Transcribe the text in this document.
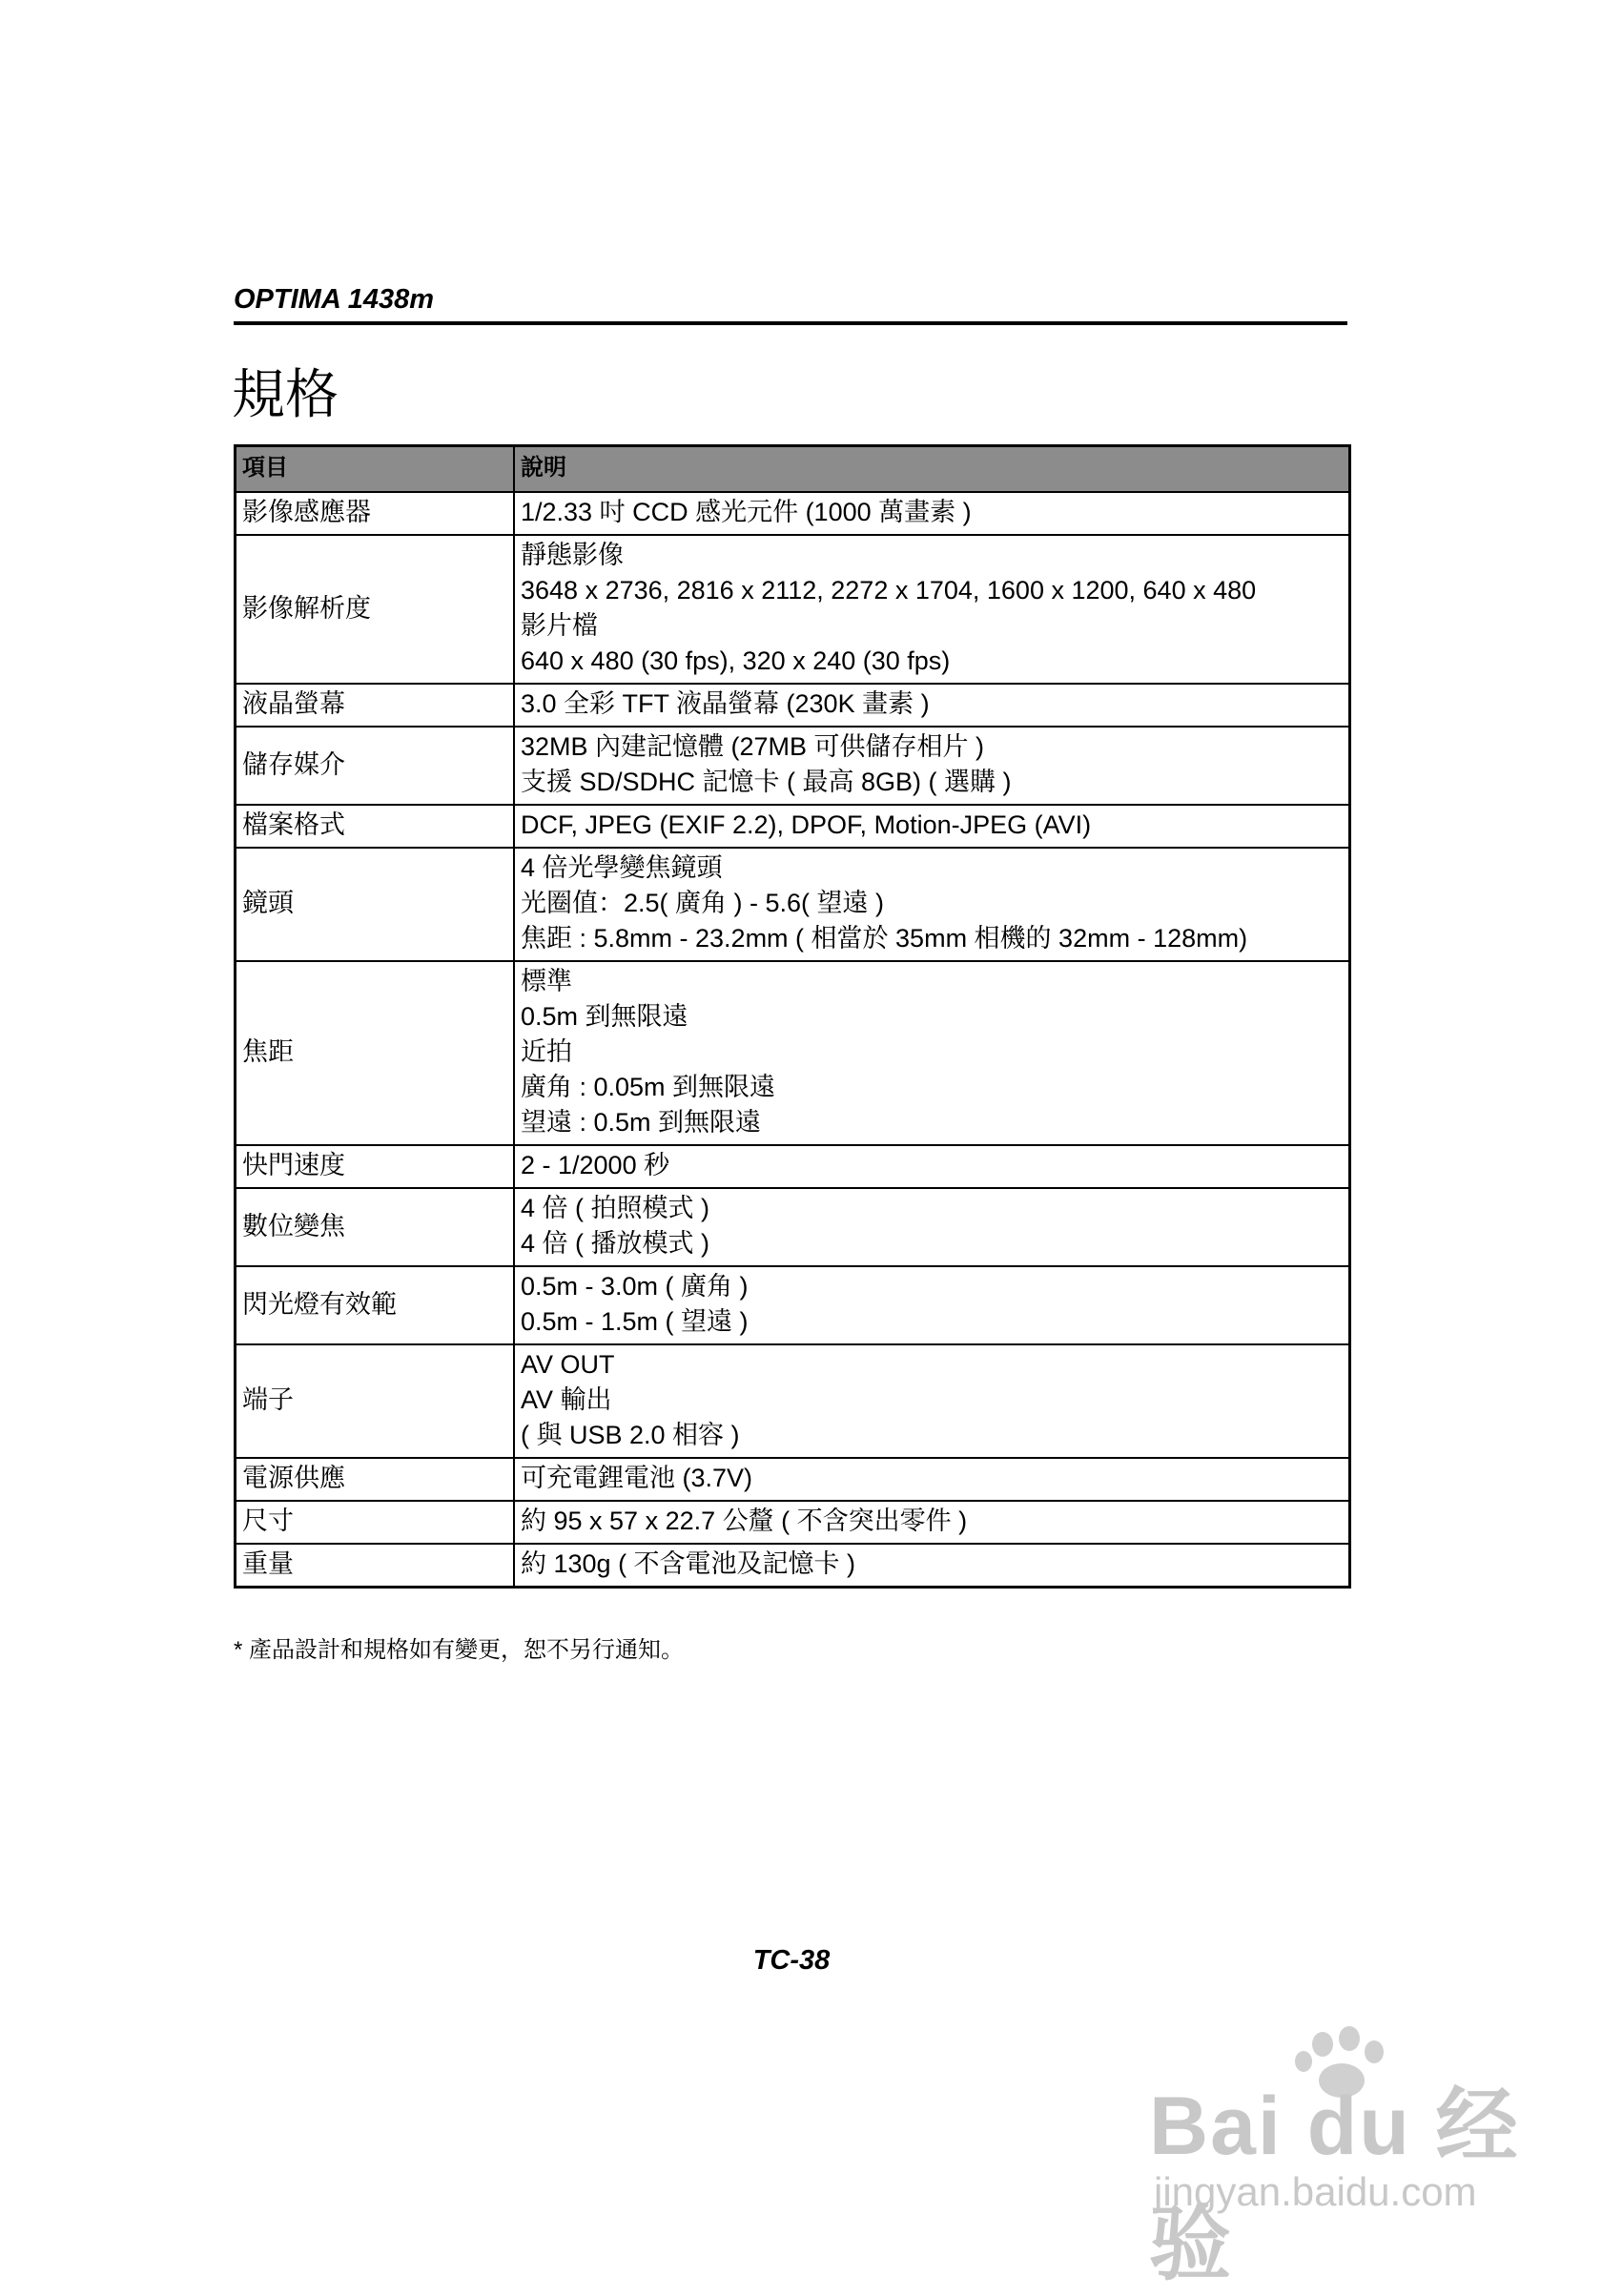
OPTIMA 1438m
規格
項目	說明
影像感應器	1/2.33 吋 CCD 感光元件 (1000 萬畫素 )

影像解析度	靜態影像
3648 x 2736, 2816 x 2112, 2272 x 1704, 1600 x 1200, 640 x 480
影片檔
640 x 480 (30 fps), 320 x 240 (30 fps)

液晶螢幕	3.0 全彩 TFT 液晶螢幕 (230K 畫素 )

儲存媒介	32MB 內建記憶體 (27MB 可供儲存相片 )
支援 SD/SDHC 記憶卡 ( 最高 8GB) ( 選購 )

檔案格式	DCF, JPEG (EXIF 2.2), DPOF, Motion-JPEG (AVI)

鏡頭	4 倍光學變焦鏡頭
光圈值：2.5( 廣角 ) - 5.6( 望遠 )
焦距 : 5.8mm - 23.2mm ( 相當於 35mm 相機的 32mm - 128mm)

焦距	標準
0.5m 到無限遠
近拍
廣角 : 0.05m 到無限遠
望遠 : 0.5m 到無限遠

快門速度	2 - 1/2000 秒

數位變焦	4 倍 ( 拍照模式 )
4 倍 ( 播放模式 )

閃光燈有效範	0.5m - 3.0m ( 廣角 )
0.5m - 1.5m ( 望遠 )

端子	AV OUT
AV 輸出
( 與 USB 2.0 相容 )

電源供應	可充電鋰電池 (3.7V)

尺寸	約 95 x 57 x 22.7 公釐 ( 不含突出零件 )

重量	約 130g ( 不含電池及記憶卡 )
* 產品設計和規格如有變更，恕不另行通知。
TC-38
Bai du 经验
jingyan.baidu.com
